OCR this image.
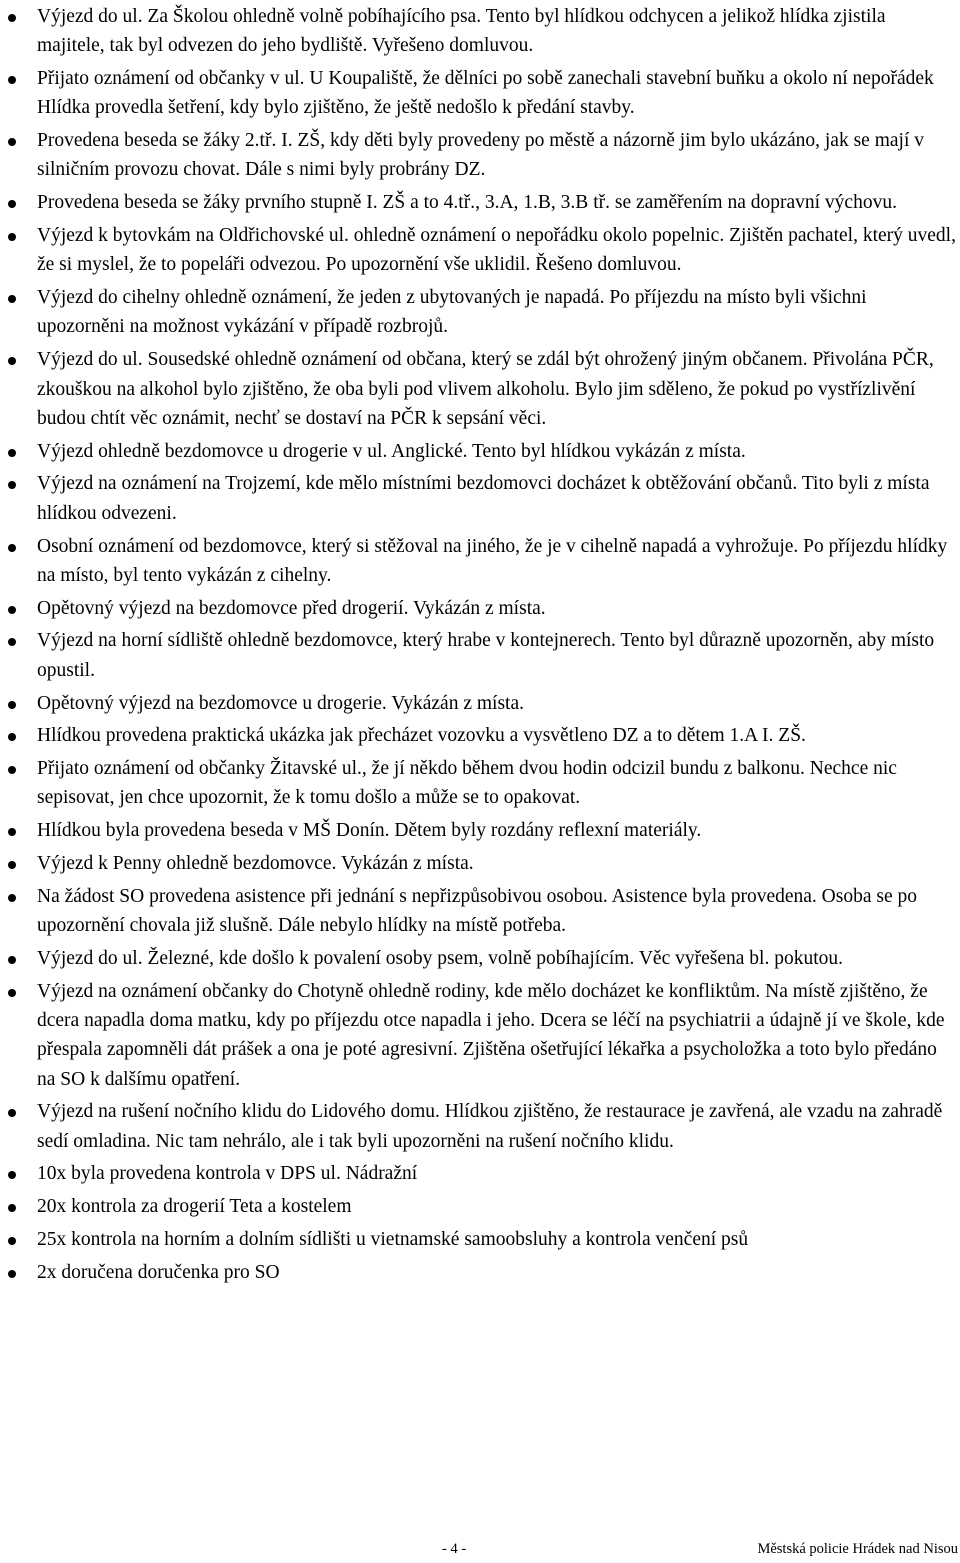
Výjezd do ul. Za Školou ohledně volně pobíhajícího psa. Tento byl hlídkou odchycen a jelikož hlídka zjistila majitele, tak byl odvezen do jeho bydliště. Vyřešeno domluvou.
Přijato oznámení od občanky v ul. U Koupaliště, že dělníci po sobě zanechali stavební buňku a okolo ní nepořádek Hlídka provedla šetření, kdy bylo zjištěno, že ještě nedošlo k předání stavby.
Provedena beseda se žáky 2.tř. I. ZŠ, kdy děti byly provedeny po městě a názorně jim bylo ukázáno, jak se mají v silničním provozu chovat. Dále s nimi byly probrány DZ.
Provedena beseda se žáky prvního stupně I. ZŠ a to 4.tř., 3.A, 1.B, 3.B tř. se zaměřením na dopravní výchovu.
Výjezd k bytovkám na Oldřichovské ul. ohledně oznámení o nepořádku okolo popelnic. Zjištěn pachatel, který uvedl, že si myslel, že to popeláři odvezou. Po upozornění vše uklidil. Řešeno domluvou.
Výjezd do cihelny ohledně oznámení, že jeden z ubytovaných je napadá. Po příjezdu na místo byli všichni upozorněni na možnost vykázání v případě rozbrojů.
Výjezd do ul. Sousedské ohledně oznámení od občana, který se zdál být ohrožený jiným občanem. Přivolána PČR, zkouškou na alkohol bylo zjištěno, že oba byli pod vlivem alkoholu. Bylo jim sděleno, že pokud po vystřízlivění budou chtít věc oznámit, nechť se dostaví na PČR k sepsání věci.
Výjezd ohledně bezdomovce u drogerie v ul. Anglické. Tento byl hlídkou vykázán z místa.
Výjezd na oznámení na Trojzemí, kde mělo místními bezdomovci docházet k obtěžování občanů. Tito byli z místa hlídkou odvezeni.
Osobní oznámení od bezdomovce, který si stěžoval na jiného, že je v cihelně napadá a vyhrožuje. Po příjezdu hlídky na místo, byl tento vykázán z cihelny.
Opětovný výjezd na bezdomovce před drogerií. Vykázán z místa.
Výjezd na horní sídliště ohledně bezdomovce, který hrabe v kontejnerech. Tento byl důrazně upozorněn, aby místo opustil.
Opětovný výjezd na bezdomovce u drogerie. Vykázán z místa.
Hlídkou provedena praktická ukázka jak přecházet vozovku a vysvětleno DZ a to dětem 1.A I. ZŠ.
Přijato oznámení od občanky Žitavské ul., že jí někdo během dvou hodin odcizil bundu z balkonu. Nechce nic sepisovat, jen chce upozornit, že k tomu došlo a může se to opakovat.
Hlídkou byla provedena beseda v MŠ Donín. Dětem byly rozdány reflexní materiály.
Výjezd k Penny ohledně bezdomovce. Vykázán z místa.
Na žádost SO provedena asistence při jednání s nepřizpůsobivou osobou. Asistence byla provedena. Osoba se po upozornění chovala již slušně. Dále nebylo hlídky na místě potřeba.
Výjezd do ul. Železné, kde došlo k povalení osoby psem, volně pobíhajícím. Věc vyřešena bl. pokutou.
Výjezd na oznámení občanky do Chotyně ohledně rodiny, kde mělo docházet ke konfliktům. Na místě zjištěno, že dcera napadla doma matku, kdy po příjezdu otce napadla i jeho. Dcera se léčí na psychiatrii a údajně jí ve škole, kde přespala zapomněli dát prášek a ona je poté agresivní. Zjištěna ošetřující lékařka a psycholožka a toto bylo předáno na SO k dalšímu opatření.
Výjezd na rušení nočního klidu do Lidového domu. Hlídkou zjištěno, že restaurace je zavřená, ale vzadu na zahradě sedí omladina. Nic tam nehrálo, ale i tak byli upozorněni na rušení nočního klidu.
10x byla provedena kontrola v DPS ul. Nádražní
20x kontrola za drogerií Teta a kostelem
25x kontrola na horním a dolním sídlišti u vietnamské samoobsluhy a kontrola venčení psů
2x doručena doručenka pro SO
- 4 -	Městská policie Hrádek nad Nisou
